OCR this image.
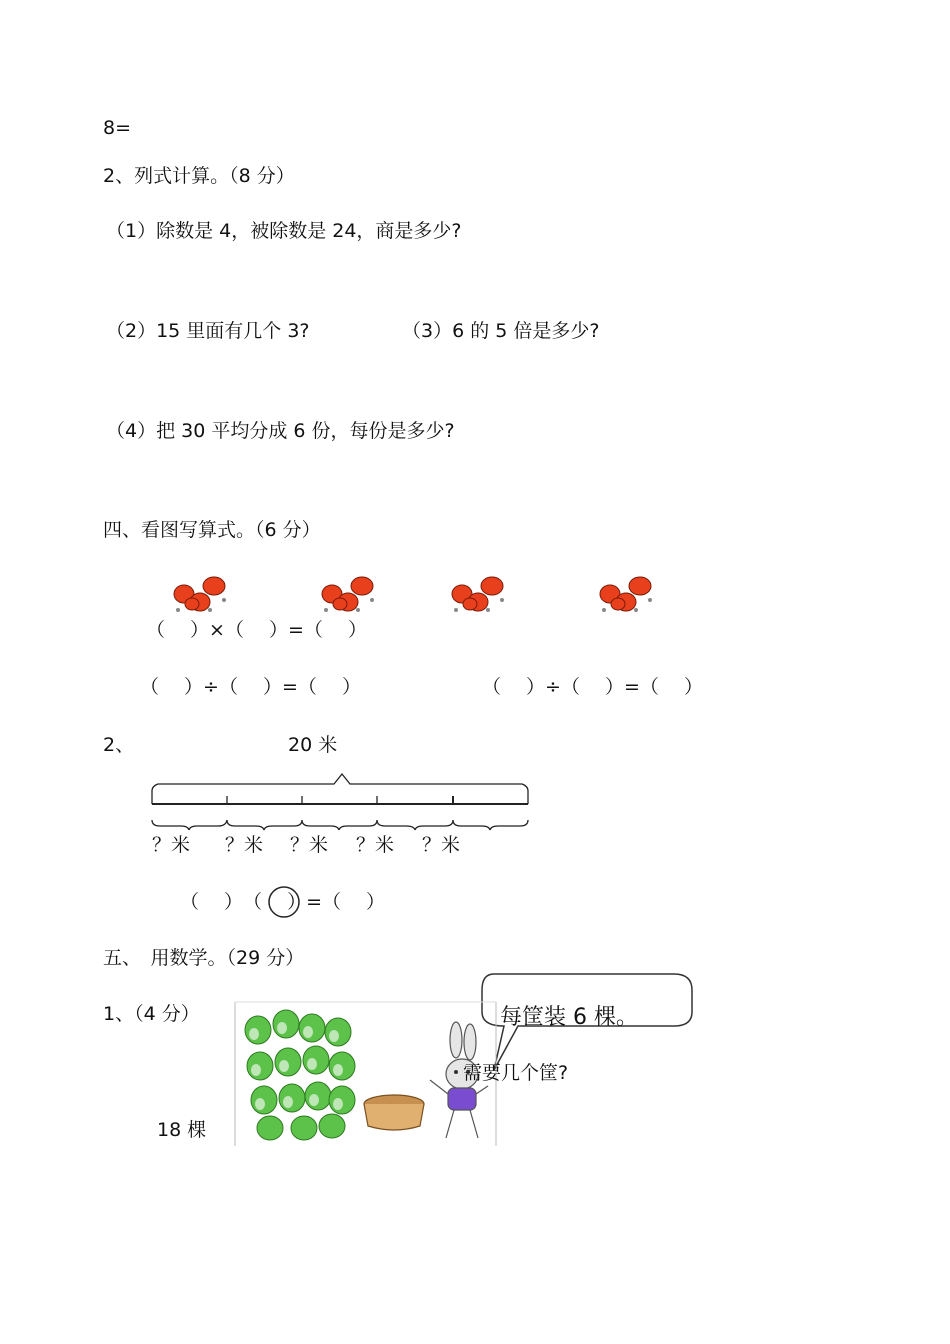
8=
2、列式计算。（8 分）
（1）除数是 4，被除数是 24，商是多少?
（2）15 里面有几个 3?	（3）6 的 5 倍是多少?
（4）把 30 平均分成 6 份，每份是多少?
四、看图写算式。（6 分）
（　 ）×（　 ）=（　 ）
（　 ）÷（　 ）=（　 ）	（　 ）÷（　 ）=（　 ）
2、	20 米
？米 ？米 ？米 ？米 ？米
（　 ）　（　 ）=（　 ）
五、　用数学。（29 分）
1、（4 分）	每筐装 6 棵。
需要几个筐?
18 棵
